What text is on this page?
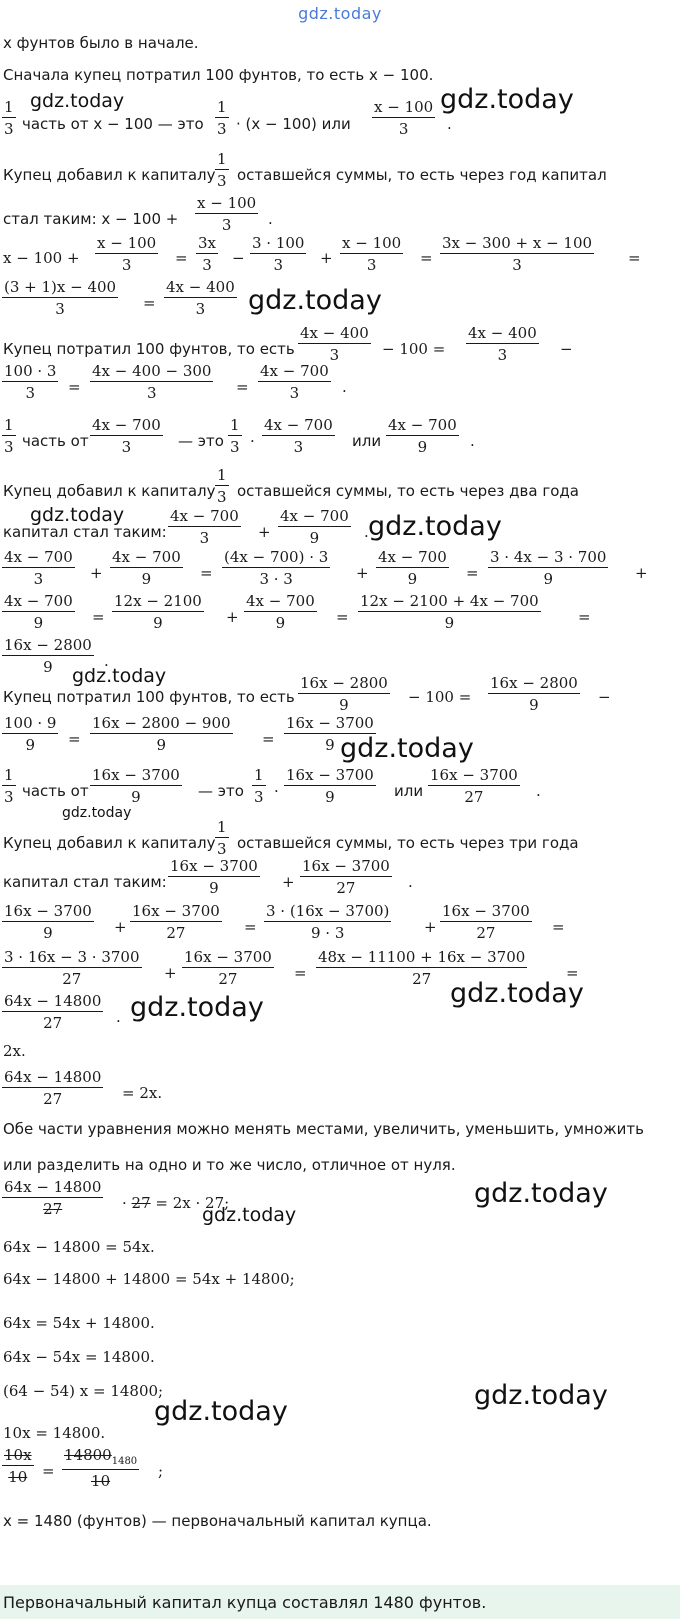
gdz.today
x фунтов было в начале.
Сначала купец потратил 100 фунтов, то есть x − 100.
$\frac{1}{3}$ часть от x − 100 — это $\frac{1}{3} \cdot (x - 100)$ или $\frac{x - 100}{3}$ .
Купец добавил к капиталу $\frac{1}{3}$ оставшейся суммы, то есть через год капитал
стал таким: $x - 100 + \frac{x - 100}{3}$ .
$x - 100 + \frac{x - 100}{3} = \frac{3x}{3} - \frac{3 \cdot 100}{3} + \frac{x - 100}{3} = \frac{3x - 300 + x - 100}{3}$ =
$\frac{(3 + 1)x - 400}{3} = \frac{4x - 400}{3}$
Купец потратил 100 фунтов, то есть $\frac{4x - 400}{3} - 100 = \frac{4x - 400}{3}$ −
$\frac{100 \cdot 3}{3} = \frac{4x - 400 - 300}{3} = \frac{4x - 700}{3}$ .
$\frac{1}{3}$ часть от $\frac{4x - 700}{3}$ — это $\frac{1}{3} \cdot \frac{4x - 700}{3}$ или $\frac{4x - 700}{9}$ .
Купец добавил к капиталу $\frac{1}{3}$ оставшейся суммы, то есть через два года
капитал стал таким: $\frac{4x - 700}{3} + \frac{4x - 700}{9}$ .
$\frac{4x - 700}{3} + \frac{4x - 700}{9} = \frac{(4x - 700) \cdot 3}{3 \cdot 3} + \frac{4x - 700}{9} = \frac{3 \cdot 4x - 3 \cdot 700}{9}$ +
$\frac{4x - 700}{9} = \frac{12x - 2100}{9} + \frac{4x - 700}{9} = \frac{12x - 2100 + 4x - 700}{9}$ =
$\frac{16x - 2800}{9}$ .
Купец потратил 100 фунтов, то есть $\frac{16x - 2800}{9} - 100 = \frac{16x - 2800}{9}$ −
$\frac{100 \cdot 9}{9} = \frac{16x - 2800 - 900}{9} = \frac{16x - 3700}{9}$
$\frac{1}{3}$ часть от $\frac{16x - 3700}{9}$ — это $\frac{1}{3} \cdot \frac{16x - 3700}{9}$ или $\frac{16x - 3700}{27}$ .
Купец добавил к капиталу $\frac{1}{3}$ оставшейся суммы, то есть через три года
капитал стал таким: $\frac{16x - 3700}{9} + \frac{16x - 3700}{27}$ .
$\frac{16x - 3700}{9} + \frac{16x - 3700}{27} = \frac{3 \cdot (16x - 3700)}{9 \cdot 3} + \frac{16x - 3700}{27}$ =
$\frac{3 \cdot 16x - 3 \cdot 3700}{27} + \frac{16x - 3700}{27} = \frac{48x - 11100 + 16x - 3700}{27}$	=
$\frac{64x - 14800}{27}$ .
2x.
$\frac{64x - 14800}{27} = 2x$.
Обе части уравнения можно менять местами, увеличить, уменьшить, умножить
или разделить на одно и то же число, отличное от нуля.
$\frac{64x - 14800}{27} \cdot 27 = 2x \cdot 27$;
64x − 14800 = 54x.
64x − 14800 + 14800 = 54x + 14800;
64x = 54x + 14800.
64x − 54x = 14800.
(64 − 54) x = 14800;
10x = 14800.
$\frac{10x}{10} = \frac{14800_{1480}}{10}$ ;
x = 1480 (фунтов) — первоначальный капитал купца.
Первоначальный капитал купца составлял 1480 фунтов.
gdz.today	gdz.today
gdz.today
gdz.today	gdz.today
gdz.today
gdz.today
gdz.today
gdz.today
gdz.today
gdz.today
gdz.today
gdz.today
gdz.today
